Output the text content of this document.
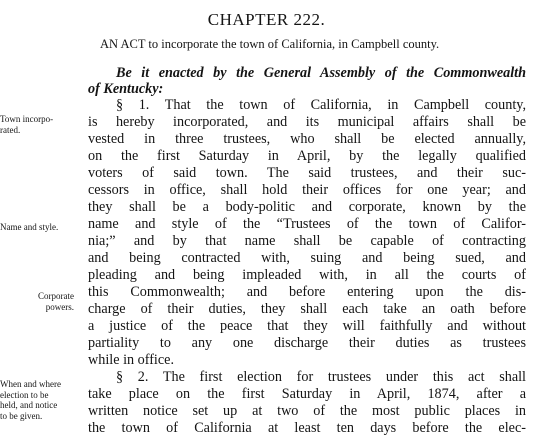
CHAPTER 222.
AN ACT to incorporate the town of California, in Campbell county.
Town incorpo-
rated.
Name and style.
Corporate
powers.
When and where
election to be
held, and notice
to be given.
Be it enacted by the General Assembly of the Commonwealth
of Kentucky:
§ 1. That the town of California, in Campbell county,
is hereby incorporated, and its municipal affairs shall be
vested in three trustees, who shall be elected annually,
on the first Saturday in April, by the legally qualified
voters of said town. The said trustees, and their suc-
cessors in office, shall hold their offices for one year; and
they shall be a body-politic and corporate, known by the
name and style of the “Trustees of the town of Califor-
nia;” and by that name shall be capable of contracting
and being contracted with, suing and being sued, and
pleading and being impleaded with, in all the courts of
this Commonwealth; and before entering upon the dis-
charge of their duties, they shall each take an oath before
a justice of the peace that they will faithfully and without
partiality to any one discharge their duties as trustees
while in office.
§ 2. The first election for trustees under this act shall
take place on the first Saturday in April, 1874, after a
written notice set up at two of the most public places in
the town of California at least ten days before the elec-
